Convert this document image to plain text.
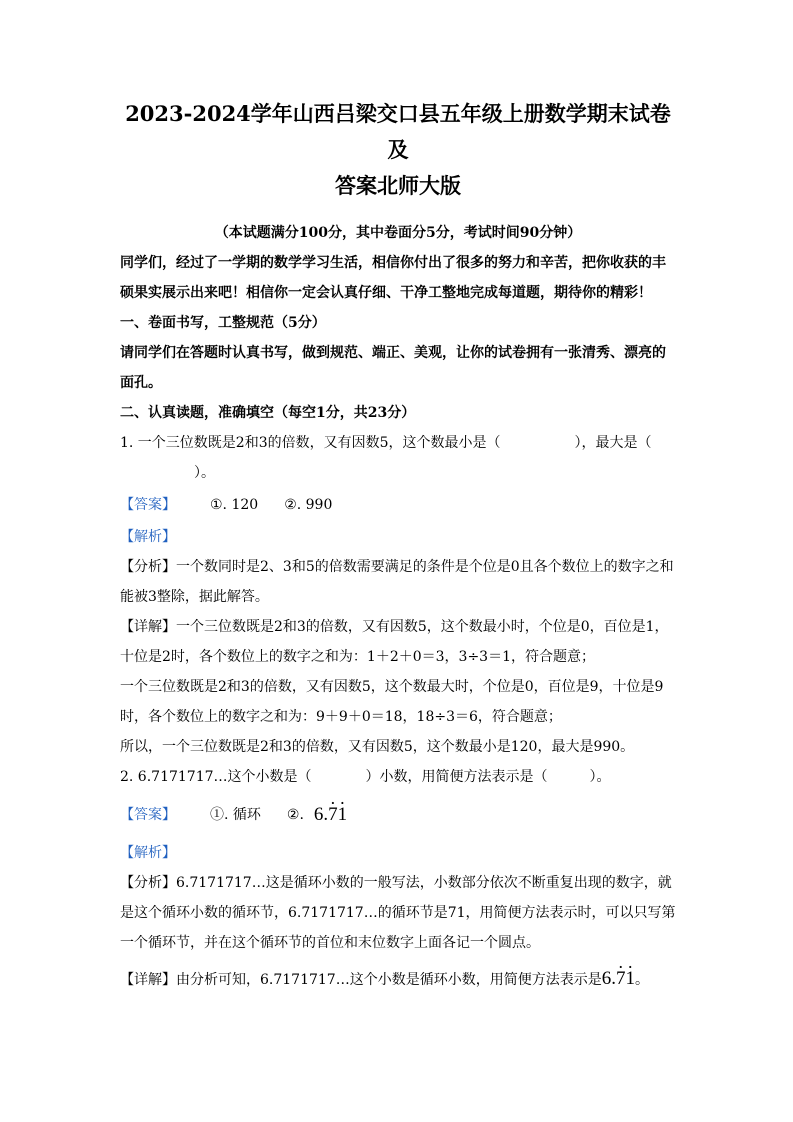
2023-2024学年山西吕梁交口县五年级上册数学期末试卷及

答案北师大版

（本试题满分100分，其中卷面分5分，考试时间90分钟）

同学们，经过了一学期的数学学习生活，相信你付出了很多的努力和辛苦，把你收获的丰硕果实展示出来吧！相信你一定会认真仔细、干净工整地完成每道题，期待你的精彩！

一、卷面书写，工整规范（5分）

请同学们在答题时认真书写，做到规范、端正、美观，让你的试卷拥有一张清秀、漂亮的面孔。

二、认真读题，准确填空（每空1分，共23分）

1. 一个三位数既是2和3的倍数，又有因数5，这个数最小是（	），最大是（）。

【答案】 ①. 120 ②. 990

【解析】

【分析】一个数同时是2、3和5的倍数需要满足的条件是个位是0且各个数位上的数字之和能被3整除，据此解答。

【详解】一个三位数既是2和3的倍数，又有因数5，这个数最小时，个位是0，百位是1，十位是2时，各个数位上的数字之和为：1＋2＋0＝3，3÷3＝1，符合题意；

一个三位数既是2和3的倍数，又有因数5，这个数最大时，个位是0，百位是9，十位是9时，各个数位上的数字之和为：9＋9＋0＝18，18÷3＝6，符合题意；

所以，一个三位数既是2和3的倍数，又有因数5，这个数最小是120，最大是990。

2. 6.7171717…这个小数是（	）小数，用简便方法表示是（	）。

【答案】 ①. 循环 ②. 6.· 7· 1

【解析】

【分析】6.7171717…这是循环小数的一般写法，小数部分依次不断重复出现的数字，就是这个循环小数的循环节，6.7171717…的循环节是71，用简便方法表示时，可以只写第一个循环节，并在这个循环节的首位和末位数字上面各记一个圆点。

【详解】由分析可知，6.7171717…这个小数是循环小数，用简便方法表示是6.· 7· 1。
